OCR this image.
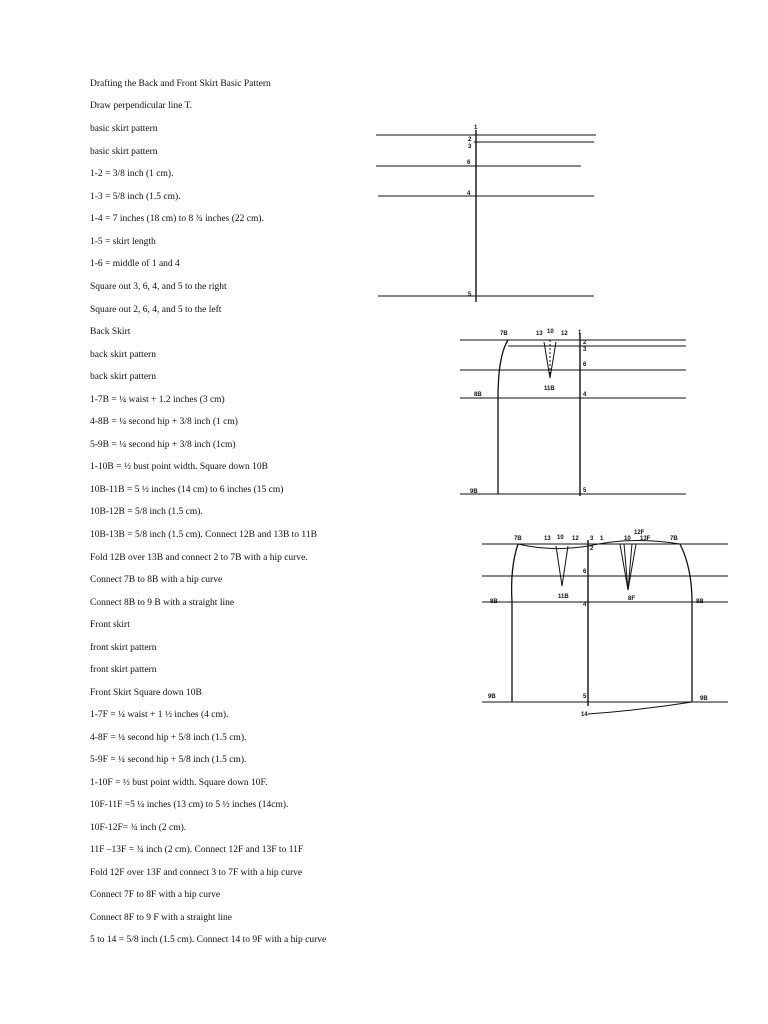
Drafting the Back and Front Skirt Basic Pattern
Draw perpendicular line T.
basic skirt pattern
basic skirt pattern
1-2 = 3/8 inch (1 cm).
1-3 = 5/8 inch (1.5 cm).
1-4 = 7 inches (18 cm) to 8 ¾ inches (22 cm).
1-5 = skirt length
1-6 = middle of 1 and 4
Square out 3, 6, 4, and 5 to the right
Square out 2, 6, 4, and 5 to the left
Back Skirt
back skirt pattern
back skirt pattern
1-7B = ¼ waist + 1.2 inches (3 cm)
4-8B = ¼ second hip + 3/8 inch (1 cm)
5-9B = ¼ second hip + 3/8 inch (1cm)
1-10B = ½ bust point width. Square down 10B
10B-11B = 5 ½ inches (14 cm) to 6 inches (15 cm)
10B-12B = 5/8 inch (1.5 cm).
10B-13B = 5/8 inch (1.5 cm). Connect 12B and 13B to 11B
Fold 12B over 13B and connect 2 to 7B with a hip curve.
Connect 7B to 8B with a hip curve
Connect 8B to 9 B with a straight line
Front skirt
front skirt pattern
front skirt pattern
Front Skirt Square down 10B
1-7F = ¼ waist + 1 ½ inches (4 cm).
4-8F = ¼ second hip + 5/8 inch (1.5 cm).
5-9F = ¼ second hip + 5/8 inch (1.5 cm).
1-10F = ½ bust point width. Square down 10F.
10F-11F =5 ¼ inches (13 cm) to 5 ½ inches (14cm).
10F-12F= ¾ inch (2 cm).
11F –13F = ¾ inch (2 cm). Connect 12F and 13F to 11F
Fold 12F over 13F and connect 3 to 7F with a hip curve
Connect 7F to 8F with a hip curve
Connect 8F to 9 F with a straight line
5 to 14 = 5/8 inch (1.5 cm). Connect 14 to 9F with a hip curve
1
2
3
6
4
5
7B	13 10 12 1
2
3
6
11B
8B	4
9B	5
7B	13 10 12 3
2
1
12F
10 13F	7B
6
11B	8F
8B	4	8B
9B	5	9B
14
